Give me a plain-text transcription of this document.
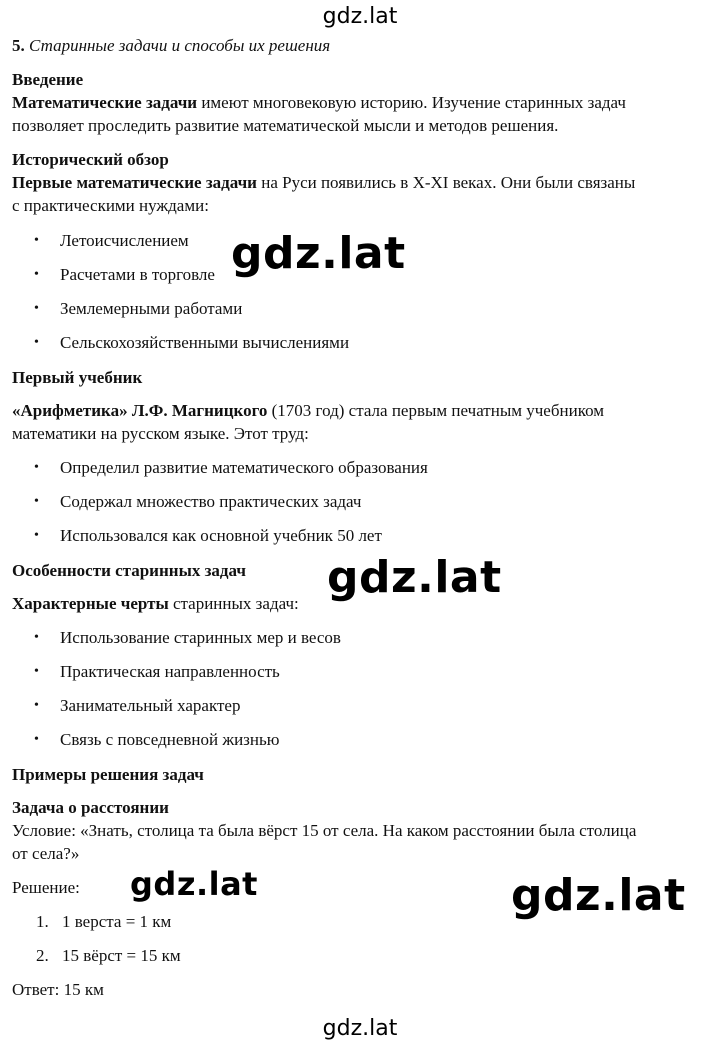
gdz.lat
5. Старинные задачи и способы их решения
Введение
Математические задачи имеют многовековую историю. Изучение старинных задач
позволяет проследить развитие математической мысли и методов решения.
Исторический обзор
Первые математические задачи на Руси появились в X-XI веках. Они были связаны
с практическими нуждами:
• Летоисчислением
• Расчетами в торговле
• Землемерными работами
• Сельскохозяйственными вычислениями
Первый учебник
«Арифметика» Л.Ф. Магницкого (1703 год) стала первым печатным учебником
математики на русском языке. Этот труд:
• Определил развитие математического образования
• Содержал множество практических задач
• Использовался как основной учебник 50 лет
Особенности старинных задач
Характерные черты старинных задач:
• Использование старинных мер и весов
• Практическая направленность
• Занимательный характер
• Связь с повседневной жизнью
Примеры решения задач
Задача о расстоянии
Условие: «Знать, столица та была вёрст 15 от села. На каком расстоянии была столица
от села?»
Решение:
1. 1 верста = 1 км
2. 15 вёрст = 15 км
Ответ: 15 км
gdz.lat
gdz.lat
gdz.lat	gdz.lat
gdz.lat
